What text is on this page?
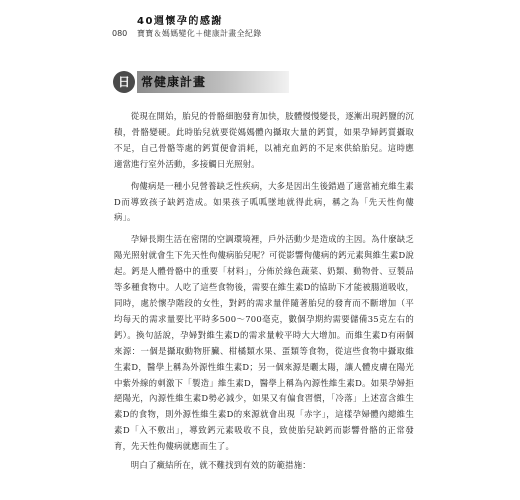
40週懷孕的感謝
080 寶寶＆媽媽變化＋健康計畫全紀錄
日 常健康計畫

從現在開始，胎兒的骨骼細胞發育加快，肢體慢慢變長，逐漸出現鈣鹽的沉積，骨骼變硬。此時胎兒就要從媽媽體內攝取大量的鈣質，如果孕婦鈣質攝取不足，自己骨骼等處的鈣質便會消耗，以補充血鈣的不足來供給胎兒。這時應適當進行室外活動，多接觸日光照射。

佝僂病是一種小兒營養缺乏性疾病，大多是因出生後錯過了適當補充維生素D而導致孩子缺鈣造成。如果孩子呱呱墜地就得此病，稱之為「先天性佝僂病」。

孕婦長期生活在密閉的空調環境裡，戶外活動少是造成的主因。為什麼缺乏陽光照射就會生下先天性佝僂病胎兒呢？可從影響佝僂病的鈣元素與維生素D說起。鈣是人體骨骼中的重要「材料」，分佈於綠色蔬菜、奶類、動物骨、豆製品等多種食物中。人吃了這些食物後，需要在維生素D的協助下才能被腸道吸收，同時，處於懷孕階段的女性，對鈣的需求量伴隨著胎兒的發育而不斷增加（平均每天的需求量要比平時多500～700毫克，數個孕期約需要儲備35克左右的鈣）。換句話說，孕婦對維生素D的需求量較平時大大增加。而維生素D有兩個來源：一個是攝取動物肝臟、柑橘類水果、蛋類等食物，從這些食物中攝取維生素D，醫學上稱為外源性維生素D；另一個來源是曬太陽，讓人體皮膚在陽光中紫外線的刺激下「製造」維生素D，醫學上稱為內源性維生素D。如果孕婦拒絕陽光，內源性維生素D勢必減少，如果又有偏食習慣，「冷落」上述富含維生素D的食物，則外源性維生素D的來源就會出現「赤字」，這樣孕婦體內總維生素D「入不敷出」，導致鈣元素吸收不良，致使胎兒缺鈣而影響骨骼的正常發育，先天性佝僂病就應而生了。

明白了癥結所在，就不難找到有效的防範措施：
